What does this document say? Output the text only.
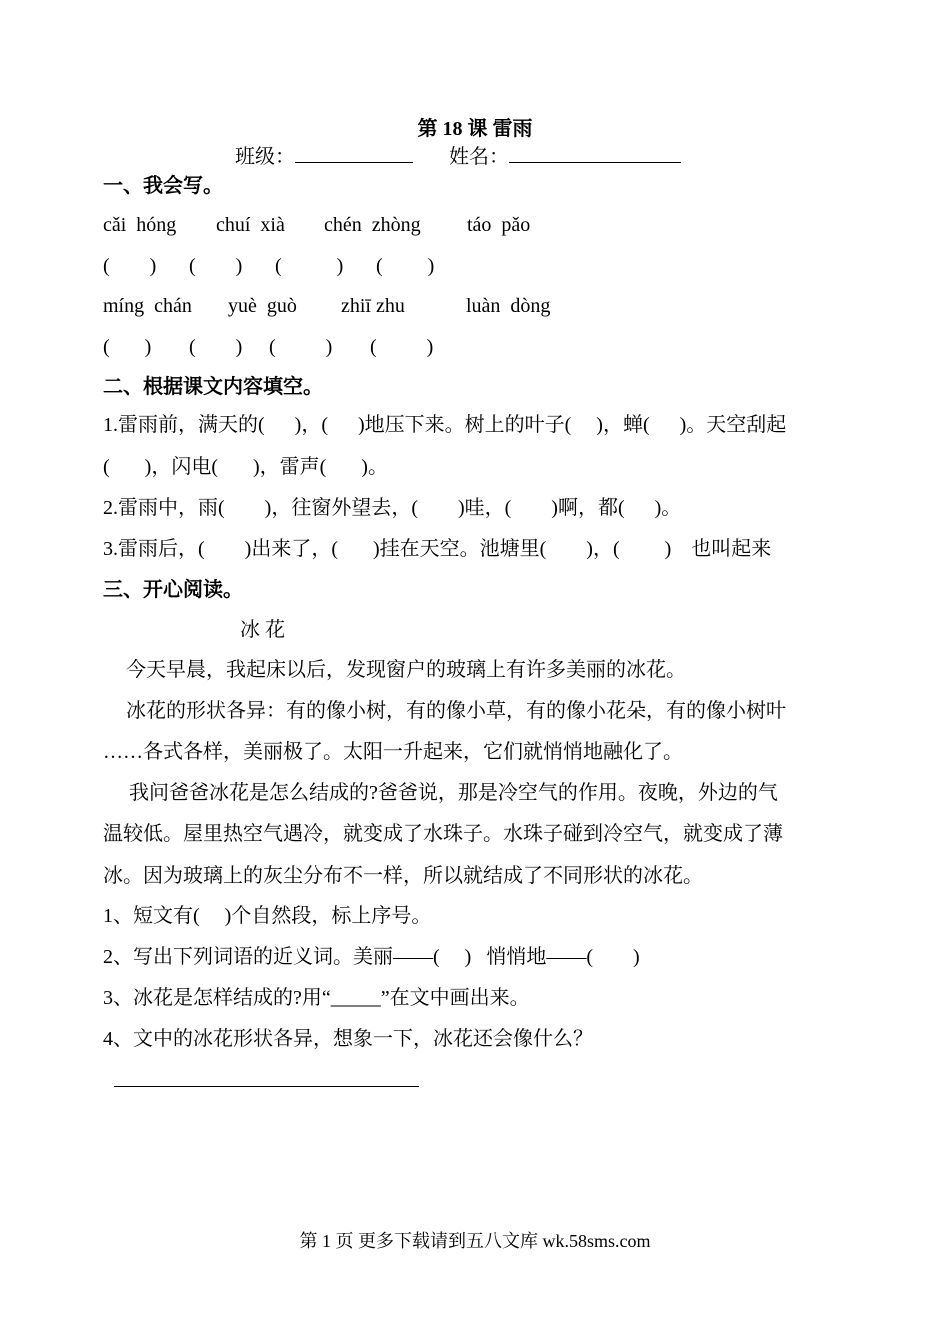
第 18 课 雷雨
班级：	姓名：
一、我会写。
cǎi  hóng chuí  xià chén  zhòng táo  pǎo
(        ) (        ) (           ) (         )
míng  chán yuè  guò zhiī zhu	luàn  dòng
(       ) (        ) (          ) (          )
二、根据课文内容填空。
1.雷雨前，满天的(      )，(      )地压下来。树上的叶子(     )，蝉(      )。天空刮起
(       )，闪电(       )，雷声(       )。
2.雷雨中，雨(        )，往窗外望去，(        )哇，(        )啊，都(      )。
3.雷雨后，(        )出来了，(       )挂在天空。池塘里(        )，(         )    也叫起来
三、开心阅读。
冰 花
今天早晨，我起床以后，发现窗户的玻璃上有许多美丽的冰花。
冰花的形状各异：有的像小树，有的像小草，有的像小花朵，有的像小树叶
……各式各样，美丽极了。太阳一升起来，它们就悄悄地融化了。
我问爸爸冰花是怎么结成的?爸爸说，那是冷空气的作用。夜晚，外边的气
温较低。屋里热空气遇冷，就变成了水珠子。水珠子碰到冷空气，就变成了薄
冰。因为玻璃上的灰尘分布不一样，所以就结成了不同形状的冰花。
1、短文有(     )个自然段，标上序号。
2、写出下列词语的近义词。美丽——(     )   悄悄地——(        )
3、冰花是怎样结成的?用“_____”在文中画出来。
4、文中的冰花形状各异，想象一下，冰花还会像什么？
第 1 页 更多下载请到五八文库 wk.58sms.com
